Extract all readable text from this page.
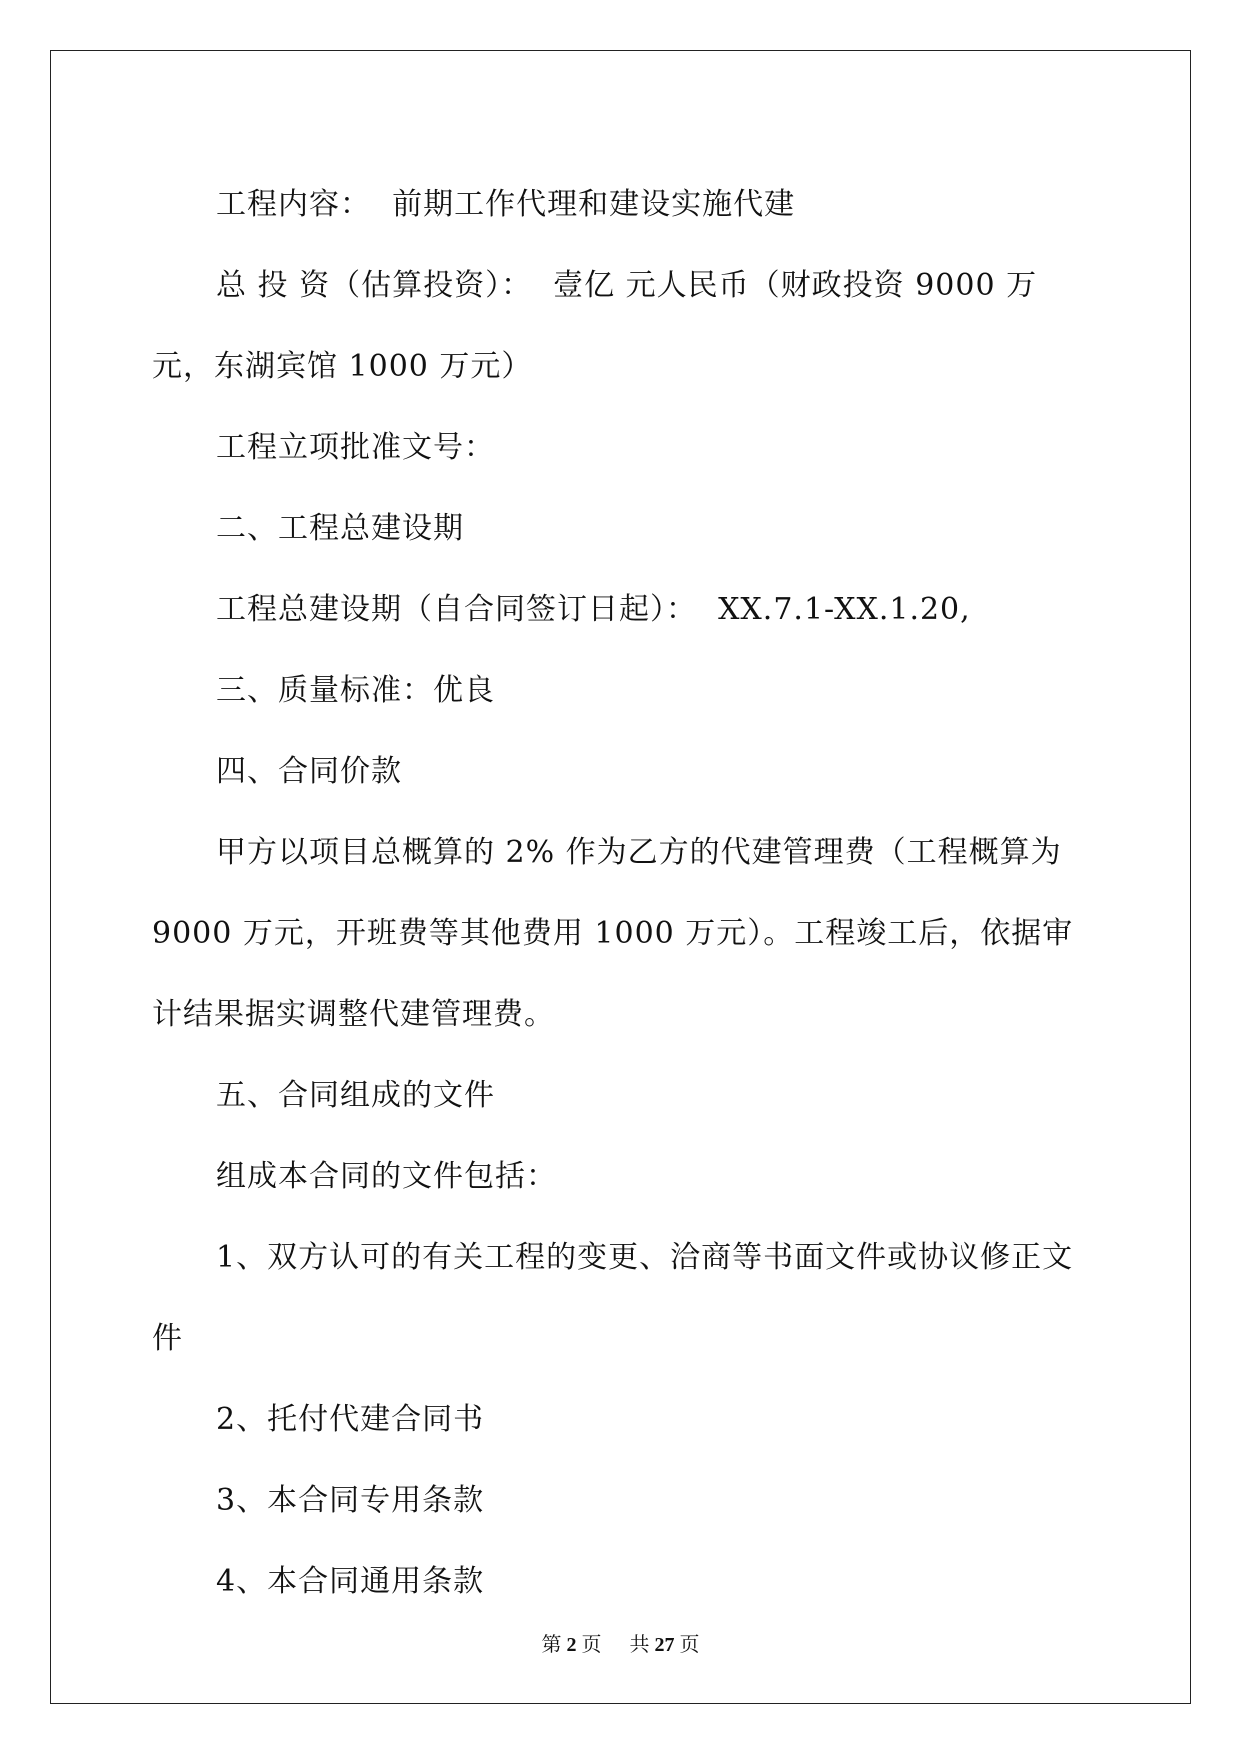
工程内容：  前期工作代理和建设实施代建

总 投 资（估算投资）：  壹亿 元人民币（财政投资 9000 万元，东湖宾馆 1000 万元）

工程立项批准文号：

二、工程总建设期

工程总建设期（自合同签订日起）：  XX.7.1-XX.1.20,

三、质量标准：优良

四、合同价款

甲方以项目总概算的 2% 作为乙方的代建管理费（工程概算为 9000 万元，开班费等其他费用 1000 万元）。工程竣工后，依据审计结果据实调整代建管理费。

五、合同组成的文件

组成本合同的文件包括：

1、双方认可的有关工程的变更、洽商等书面文件或协议修正文件

2、托付代建合同书

3、本合同专用条款

4、本合同通用条款

第 2 页 共 27 页
